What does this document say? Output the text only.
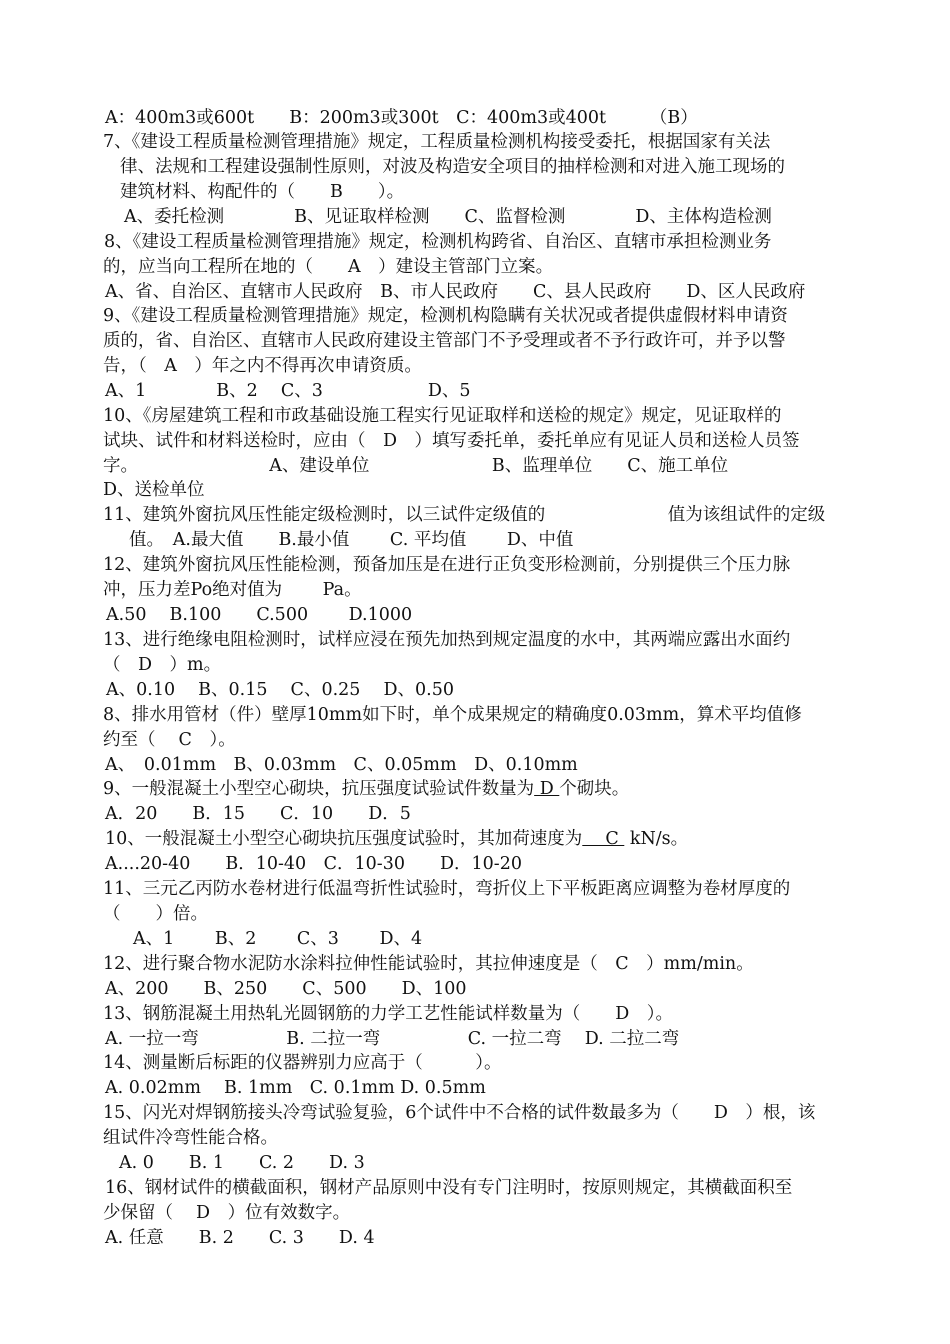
A：400m3或600t　　B：200m3或300t　C：400m3或400t　　　（B）
7、《建设工程质量检测管理措施》规定，工程质量检测机构接受委托，根据国家有关法
律、法规和工程建设强制性原则，对波及构造安全项目的抽样检测和对进入施工现场的
建筑材料、构配件的（　　B　　）。
A、委托检测　　　　B、见证取样检测　　C、监督检测　　　　D、主体构造检测
8、《建设工程质量检测管理措施》规定，检测机构跨省、自治区、直辖市承担检测业务
的，应当向工程所在地的（　　A　）建设主管部门立案。
A、省、自治区、直辖市人民政府　B、市人民政府　　C、县人民政府　　D、区人民政府
9、《建设工程质量检测管理措施》规定，检测机构隐瞒有关状况或者提供虚假材料申请资
质的，省、自治区、直辖市人民政府建设主管部门不予受理或者不予行政许可，并予以警
告，（　A　）年之内不得再次申请资质。
A、1　　　　B、2　 C、3　　　　　　D、5
10、《房屋建筑工程和市政基础设施工程实行见证取样和送检的规定》规定，见证取样的
试块、试件和材料送检时，应由（　D　）填写委托单，委托单应有见证人员和送检人员签
字。　　　　　　　　A、建设单位　　　　　　　B、监理单位　　C、施工单位
D、送检单位
11、建筑外窗抗风压性能定级检测时，以三试件定级值的　　　　　　　值为该组试件的定级
值。　A.最大值　　B.最小值　　 C. 平均值　　 D、中值
12、建筑外窗抗风压性能检测，预备加压是在进行正负变形检测前，分别提供三个压力脉
冲，压力差Po绝对值为　　 Pa。
A.50　 B.100　　C.500　　 D.1000
13、进行绝缘电阻检测时，试样应浸在预先加热到规定温度的水中，其两端应露出水面约
（　D　）m。
A、0.10　 B、0.15　 C、0.25　 D、0.50
8、排水用管材（件）壁厚10mm如下时，单个成果规定的精确度0.03mm，算术平均值修
约至（　 C　）。
A、　0.01mm　B、0.03mm　C、0.05mm　D、0.10mm
9、一般混凝土小型空心砌块，抗压强度试验试件数量为 D 个砌块。
A．20　　B．15　　C．10　　D．5
10、一般混凝土小型空心砌块抗压强度试验时，其加荷速度为　 C  kN/s。
A....20-40　　B．10-40　C．10-30　　D．10-20
11、三元乙丙防水卷材进行低温弯折性试验时，弯折仪上下平板距离应调整为卷材厚度的
（　　）倍。
A、1　　 B、2　　 C、3　　 D、4
12、进行聚合物水泥防水涂料拉伸性能试验时，其拉伸速度是（　C　）mm/min。
A、200　　B、250　　C、500　　D、100
13、钢筋混凝土用热轧光圆钢筋的力学工艺性能试样数量为（　　D　）。
A. 一拉一弯　　　　　B. 二拉一弯　　　　　C. 一拉二弯　 D. 二拉二弯
14、测量断后标距的仪器辨别力应高于（　　　）。
A. 0.02mm　 B. 1mm　C. 0.1mm D. 0.5mm
15、闪光对焊钢筋接头冷弯试验复验，6个试件中不合格的试件数最多为（　　D　）根，该
组试件冷弯性能合格。
A. 0　　B. 1　　C. 2　　D. 3
16、钢材试件的横截面积，钢材产品原则中没有专门注明时，按原则规定，其横截面积至
少保留（　 D　）位有效数字。
A. 任意　　B. 2　　C. 3　　D. 4
